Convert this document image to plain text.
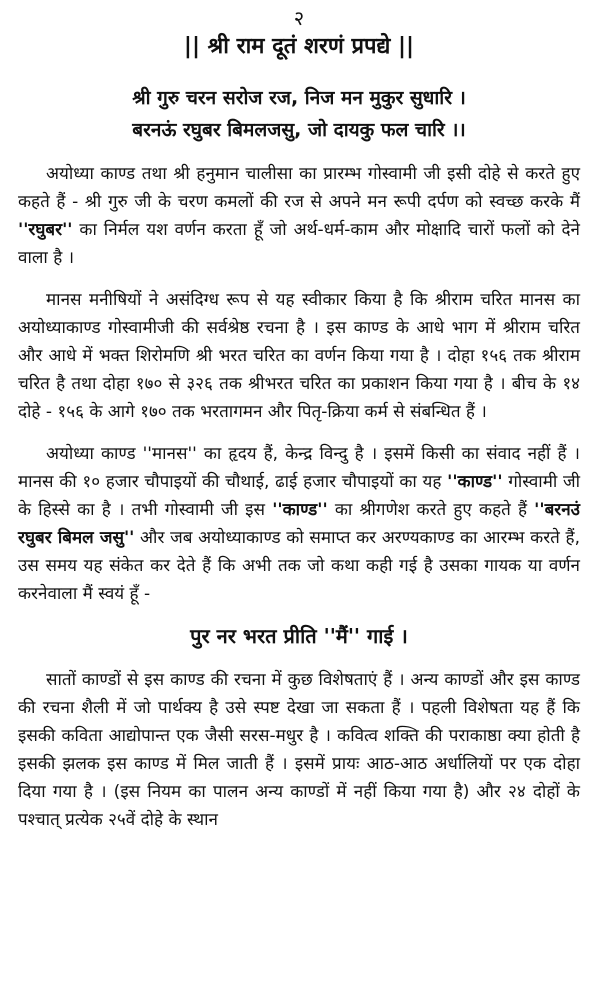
२
|| श्री राम दूतं शरणं प्रपद्ये ||
श्री गुरु चरन सरोज रज, निज मन मुकुर सुधारि ।
बरनऊं रघुबर बिमलजसु, जो दायकु फल चारि ।।

अयोध्या काण्ड तथा श्री हनुमान चालीसा का प्रारम्भ गोस्वामी जी इसी दोहे से करते हुए कहते हैं - श्री गुरु जी के चरण कमलों की रज से अपने मन रूपी दर्पण को स्वच्छ करके मैं ''रघुबर'' का निर्मल यश वर्णन करता हूँ जो अर्थ-धर्म-काम और मोक्षादि चारों फलों को देने वाला है ।

मानस मनीषियों ने असंदिग्ध रूप से यह स्वीकार किया है कि श्रीराम चरित मानस का अयोध्याकाण्ड गोस्वामीजी की सर्वश्रेष्ठ रचना है । इस काण्ड के आधे भाग में श्रीराम चरित और आधे में भक्त शिरोमणि श्री भरत चरित का वर्णन किया गया है । दोहा १५६ तक श्रीराम चरित है तथा दोहा १७० से ३२६ तक श्रीभरत चरित का प्रकाशन किया गया है । बीच के १४ दोहे - १५६ के आगे १७० तक भरतागमन और पितृ-क्रिया कर्म से संबन्धित हैं ।

अयोध्या काण्ड ''मानस'' का हृदय हैं, केन्द्र विन्दु है । इसमें किसी का संवाद नहीं हैं । मानस की १० हजार चौपाइयों की चौथाई, ढाई हजार चौपाइयों का यह ''काण्ड'' गोस्वामी जी के हिस्से का है । तभी गोस्वामी जी इस ''काण्ड'' का श्रीगणेश करते हुए कहते हैं ''बरनउं रघुबर बिमल जसु'' और जब अयोध्याकाण्ड को समाप्त कर अरण्यकाण्ड का आरम्भ करते हैं, उस समय यह संकेत कर देते हैं कि अभी तक जो कथा कही गई है उसका गायक या वर्णन करनेवाला मैं स्वयं हूँ -

पुर नर भरत प्रीति ''मैं'' गाई ।

सातों काण्डों से इस काण्ड की रचना में कुछ विशेषताएं हैं । अन्य काण्डों और इस काण्ड की रचना शैली में जो पार्थक्य है उसे स्पष्ट देखा जा सकता हैं । पहली विशेषता यह हैं कि इसकी कविता आद्योपान्त एक जैसी सरस-मधुर है । कवित्व शक्ति की पराकाष्ठा क्या होती है इसकी झलक इस काण्ड में मिल जाती हैं । इसमें प्रायः आठ-आठ अर्धालियों पर एक दोहा दिया गया है । (इस नियम का पालन अन्य काण्डों में नहीं किया गया है) और २४ दोहों के पश्चात् प्रत्येक २५वें दोहे के स्थान
